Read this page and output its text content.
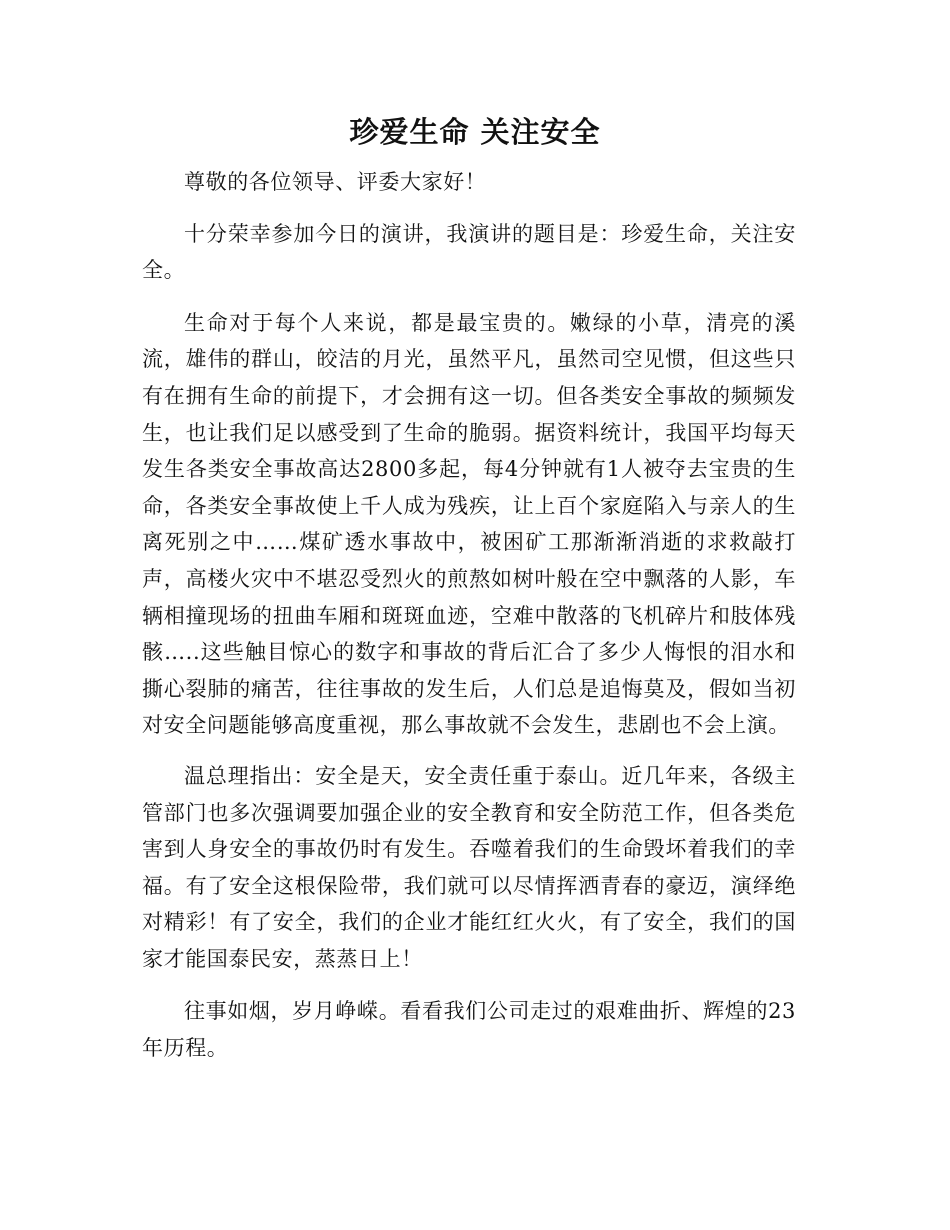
珍爱生命 关注安全

尊敬的各位领导、评委大家好！

十分荣幸参加今日的演讲，我演讲的题目是：珍爱生命，关注安全。

生命对于每个人来说，都是最宝贵的。嫩绿的小草，清亮的溪流，雄伟的群山，皎洁的月光，虽然平凡，虽然司空见惯，但这些只有在拥有生命的前提下，才会拥有这一切。但各类安全事故的频频发生，也让我们足以感受到了生命的脆弱。据资料统计，我国平均每天发生各类安全事故高达2800多起，每4分钟就有1人被夺去宝贵的生命，各类安全事故使上千人成为残疾，让上百个家庭陷入与亲人的生离死别之中……煤矿透水事故中，被困矿工那渐渐消逝的求救敲打声，高楼火灾中不堪忍受烈火的煎熬如树叶般在空中飘落的人影，车辆相撞现场的扭曲车厢和斑斑血迹，空难中散落的飞机碎片和肢体残骸…..这些触目惊心的数字和事故的背后汇合了多少人悔恨的泪水和撕心裂肺的痛苦，往往事故的发生后，人们总是追悔莫及，假如当初对安全问题能够高度重视，那么事故就不会发生，悲剧也不会上演。

温总理指出：安全是天，安全责任重于泰山。近几年来，各级主管部门也多次强调要加强企业的安全教育和安全防范工作，但各类危害到人身安全的事故仍时有发生。吞噬着我们的生命毁坏着我们的幸福。有了安全这根保险带，我们就可以尽情挥洒青春的豪迈，演绎绝对精彩！有了安全，我们的企业才能红红火火，有了安全，我们的国家才能国泰民安，蒸蒸日上！

往事如烟，岁月峥嵘。看看我们公司走过的艰难曲折、辉煌的23年历程。
